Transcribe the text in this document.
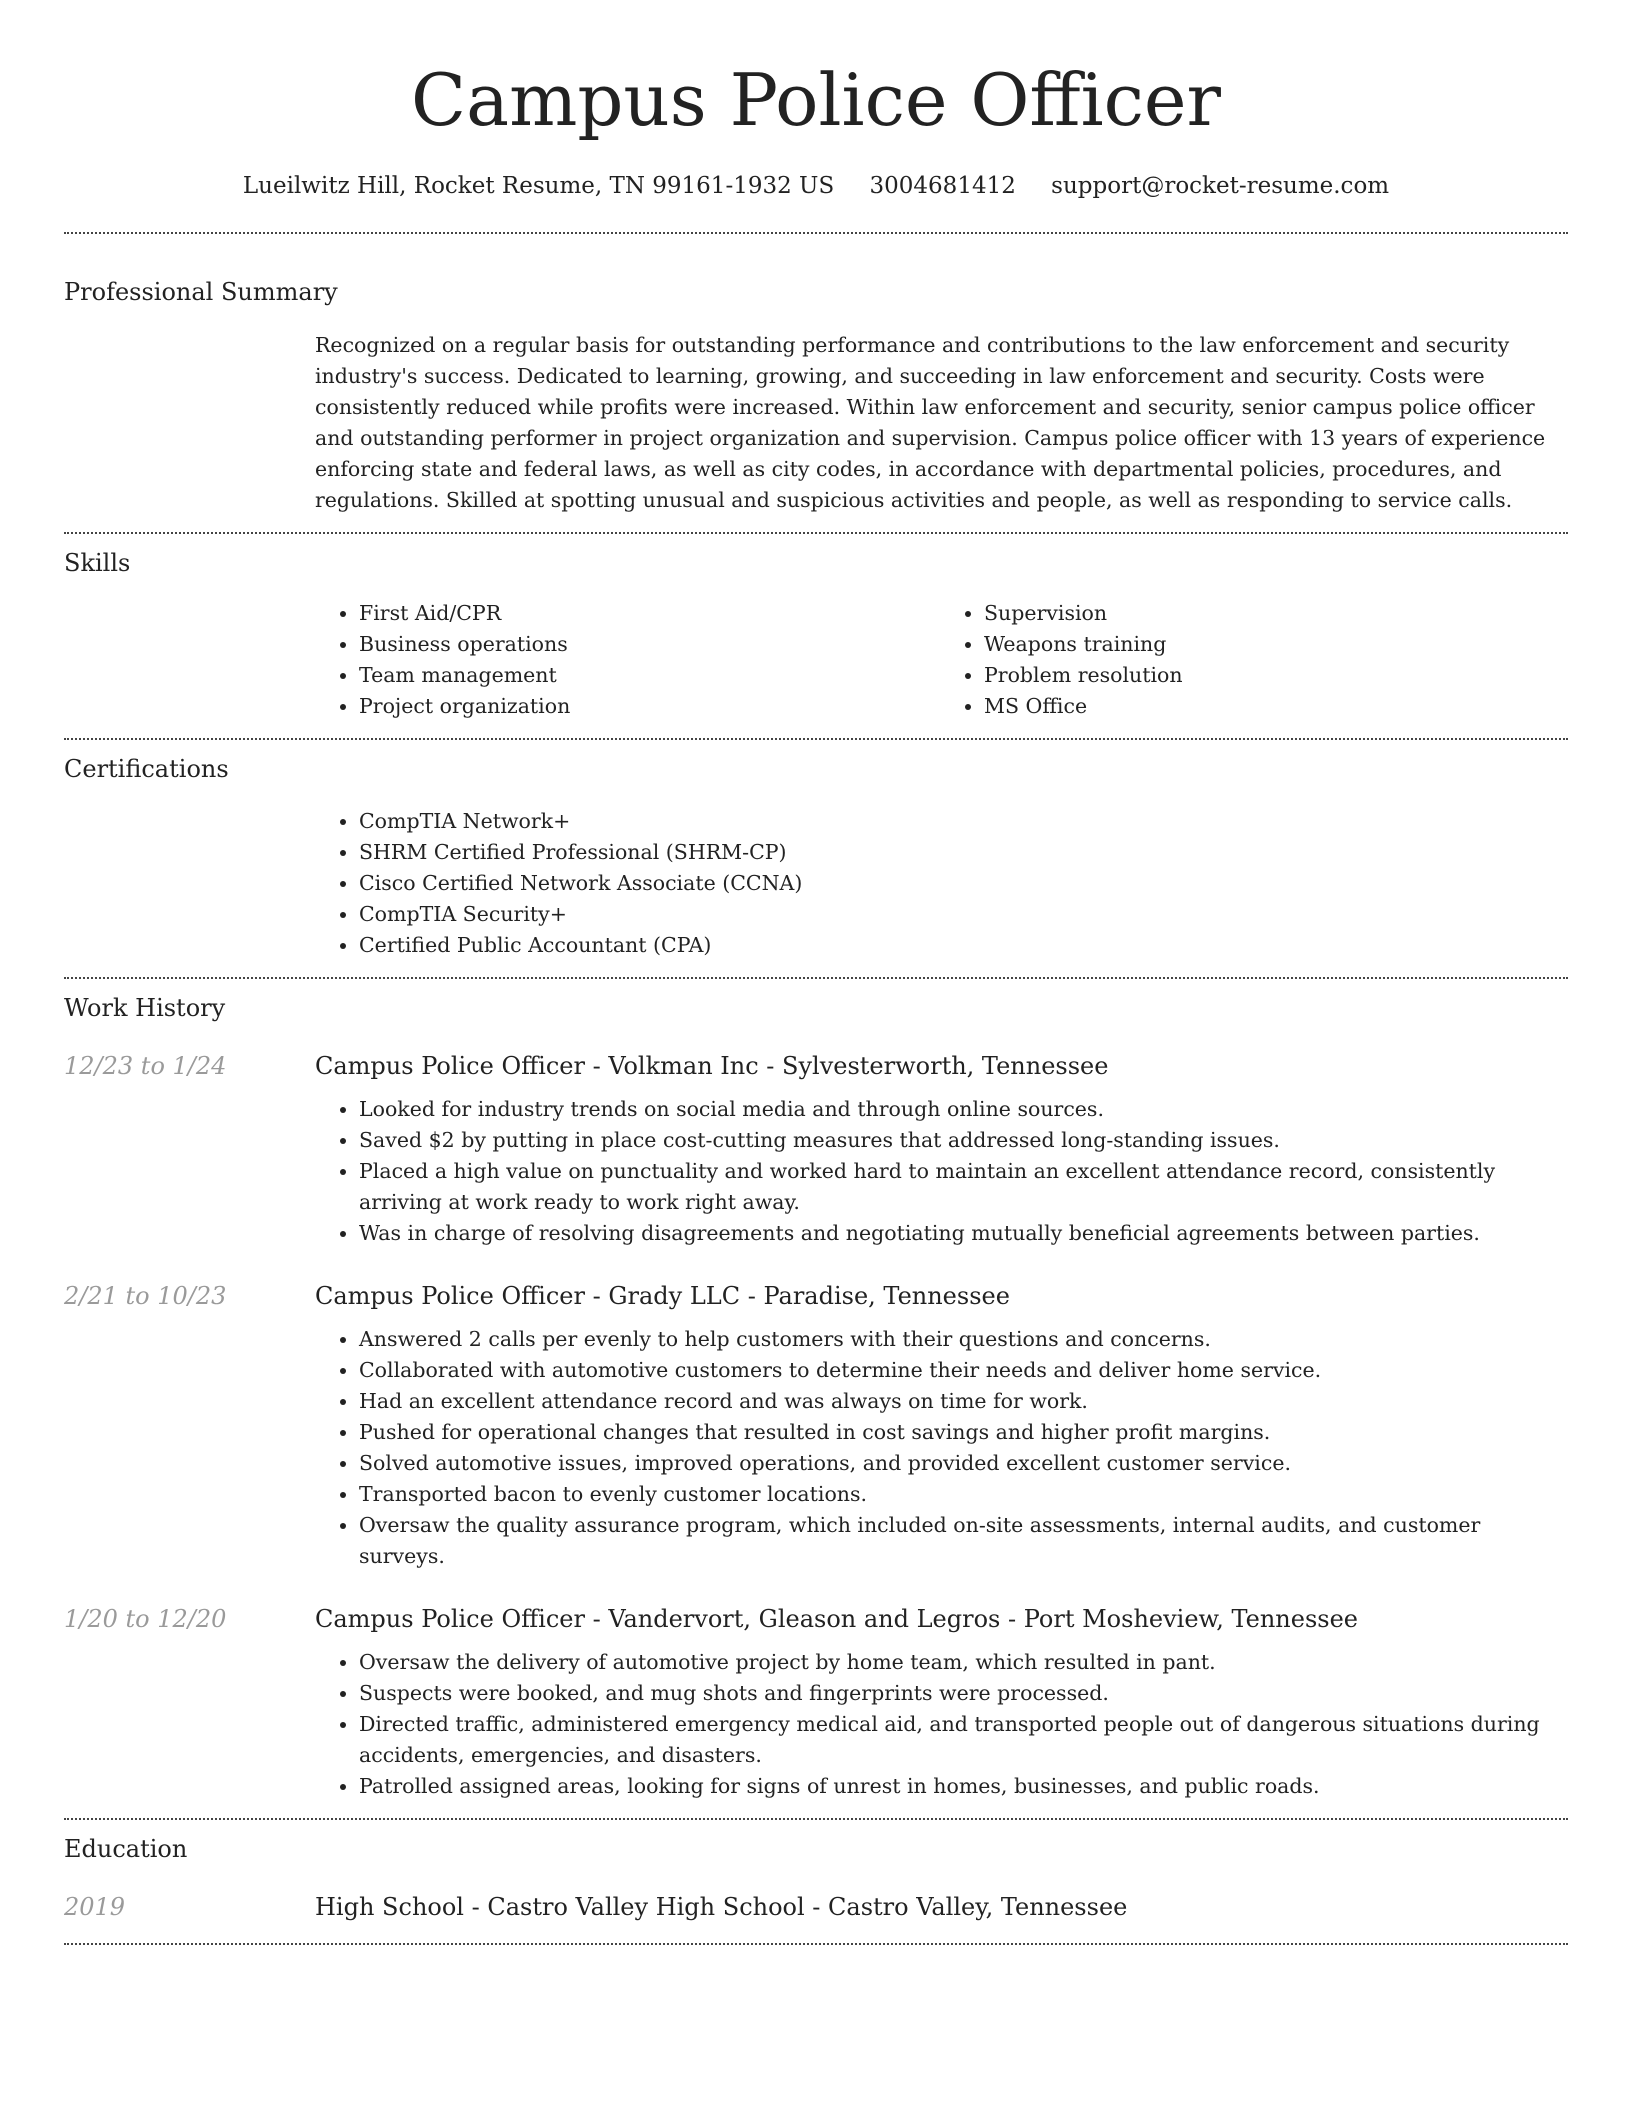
Campus Police Officer
Lueilwitz Hill, Rocket Resume, TN 99161-1932 US 3004681412 support@rocket-resume.com
Professional Summary
Recognized on a regular basis for outstanding performance and contributions to the law enforcement and security industry's success. Dedicated to learning, growing, and succeeding in law enforcement and security. Costs were consistently reduced while profits were increased. Within law enforcement and security, senior campus police officer and outstanding performer in project organization and supervision. Campus police officer with 13 years of experience enforcing state and federal laws, as well as city codes, in accordance with departmental policies, procedures, and regulations. Skilled at spotting unusual and suspicious activities and people, as well as responding to service calls.
Skills
• First Aid/CPR
• Business operations
• Team management
• Project organization
• Supervision
• Weapons training
• Problem resolution
• MS Office
Certifications
• CompTIA Network+
• SHRM Certified Professional (SHRM-CP)
• Cisco Certified Network Associate (CCNA)
• CompTIA Security+
• Certified Public Accountant (CPA)
Work History
12/23 to 1/24	Campus Police Officer - Volkman Inc - Sylvesterworth, Tennessee
• Looked for industry trends on social media and through online sources.
• Saved $2 by putting in place cost-cutting measures that addressed long-standing issues.
• Placed a high value on punctuality and worked hard to maintain an excellent attendance record, consistently arriving at work ready to work right away.
• Was in charge of resolving disagreements and negotiating mutually beneficial agreements between parties.
2/21 to 10/23	Campus Police Officer - Grady LLC - Paradise, Tennessee
• Answered 2 calls per evenly to help customers with their questions and concerns.
• Collaborated with automotive customers to determine their needs and deliver home service.
• Had an excellent attendance record and was always on time for work.
• Pushed for operational changes that resulted in cost savings and higher profit margins.
• Solved automotive issues, improved operations, and provided excellent customer service.
• Transported bacon to evenly customer locations.
• Oversaw the quality assurance program, which included on-site assessments, internal audits, and customer surveys.
1/20 to 12/20	Campus Police Officer - Vandervort, Gleason and Legros - Port Mosheview, Tennessee
• Oversaw the delivery of automotive project by home team, which resulted in pant.
• Suspects were booked, and mug shots and fingerprints were processed.
• Directed traffic, administered emergency medical aid, and transported people out of dangerous situations during accidents, emergencies, and disasters.
• Patrolled assigned areas, looking for signs of unrest in homes, businesses, and public roads.
Education
2019	High School - Castro Valley High School - Castro Valley, Tennessee
